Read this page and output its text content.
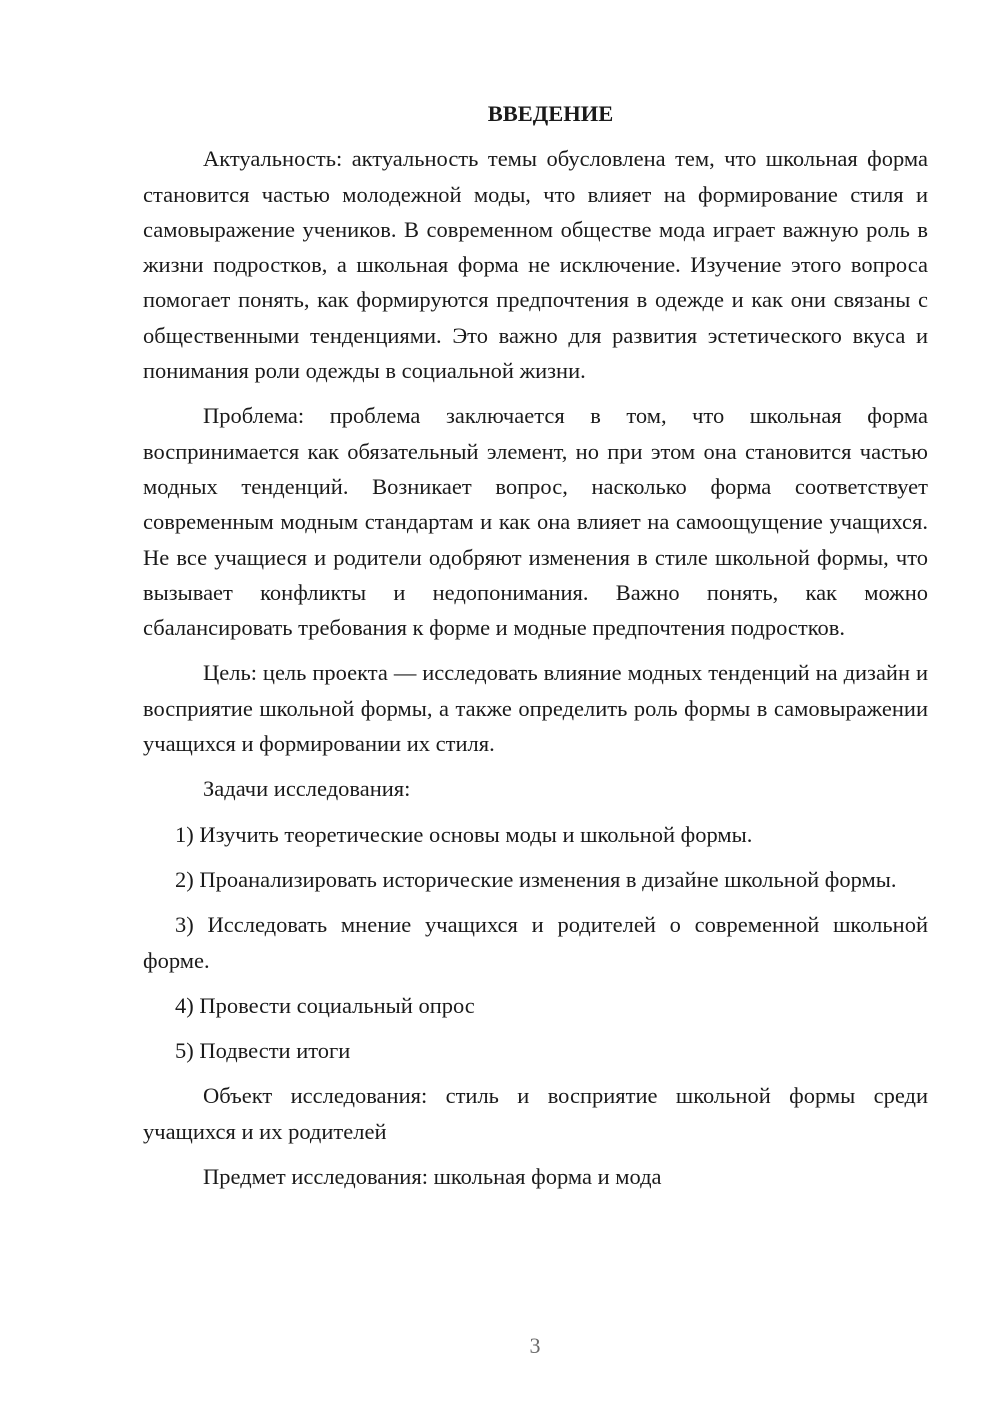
ВВЕДЕНИЕ

Актуальность: актуальность темы обусловлена тем, что школьная форма становится частью молодежной моды, что влияет на формирование стиля и самовыражение учеников. В современном обществе мода играет важную роль в жизни подростков, а школьная форма не исключение. Изучение этого вопроса помогает понять, как формируются предпочтения в одежде и как они связаны с общественными тенденциями. Это важно для развития эстетического вкуса и понимания роли одежды в социальной жизни.

Проблема: проблема заключается в том, что школьная форма воспринимается как обязательный элемент, но при этом она становится частью модных тенденций. Возникает вопрос, насколько форма соответствует современным модным стандартам и как она влияет на самоощущение учащихся. Не все учащиеся и родители одобряют изменения в стиле школьной формы, что вызывает конфликты и недопонимания. Важно понять, как можно сбалансировать требования к форме и модные предпочтения подростков.

Цель: цель проекта — исследовать влияние модных тенденций на дизайн и восприятие школьной формы, а также определить роль формы в самовыражении учащихся и формировании их стиля.

Задачи исследования:

1) Изучить теоретические основы моды и школьной формы.

2) Проанализировать исторические изменения в дизайне школьной формы.

3) Исследовать мнение учащихся и родителей о современной школьной форме.

4) Провести социальный опрос

5) Подвести итоги

Объект исследования: стиль и восприятие школьной формы среди учащихся и их родителей

Предмет исследования: школьная форма и мода

3
